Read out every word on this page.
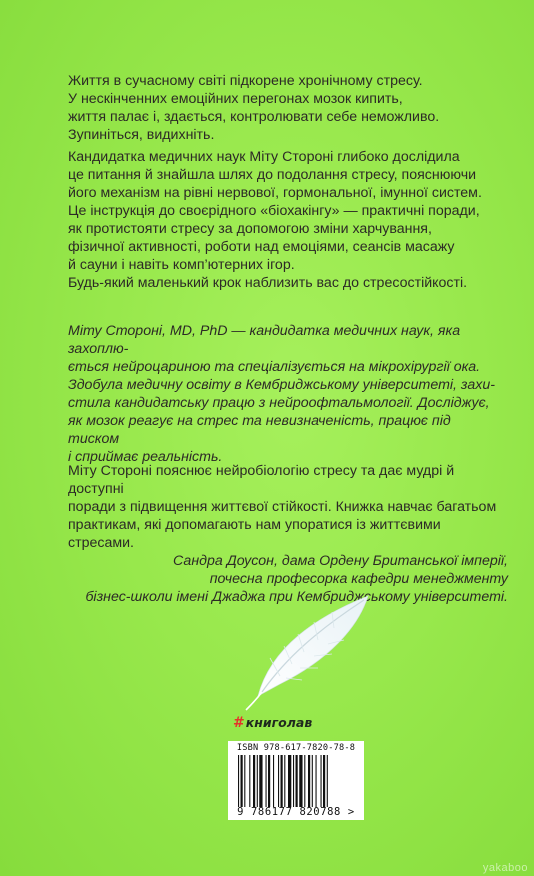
Життя в сучасному світі підкорене хронічному стресу.

У нескінченних емоційних перегонах мозок кипить,

життя палає і, здається, контролювати себе неможливо.

Зупиніться, видихніть.

Кандидатка медичних наук Міту Стороні глибоко дослідила

це питання й знайшла шлях до подолання стресу, пояснюючи

його механізм на рівні нервової, гормональної, імунної систем.

Це інструкція до своєрідного «біохакінгу» — практичні поради,

як протистояти стресу за допомогою зміни харчування,

фізичної активності, роботи над емоціями, сеансів масажу

й сауни і навіть комп’ютерних ігор.

Будь-який маленький крок наблизить вас до стресостійкості.

Міту Стороні, MD, PhD — кандидатка медичних наук, яка захоплю-

ється нейроцариною та спеціалізується на мікрохірургії ока.

Здобула медичну освіту в Кембриджському університеті, захи-

стила кандидатську працю з нейроофтальмології. Досліджує,

як мозок реагує на стрес та невизначеність, працює під тиском

і сприймає реальність.

Міту Стороні пояснює нейробіологію стресу та дає мудрі й доступні

поради з підвищення життєвої стійкості. Книжка навчає багатьом

практикам, які допомагають нам упоратися із життєвими стресами.

Сандра Доусон, дама Ордену Британської імперії,

почесна професорка кафедри менеджменту

бізнес-школи імені Джаджа при Кембриджському університеті.

#книголав
ISBN 978-617-7820-78-8
9 786177 820788 >
yakaboo
